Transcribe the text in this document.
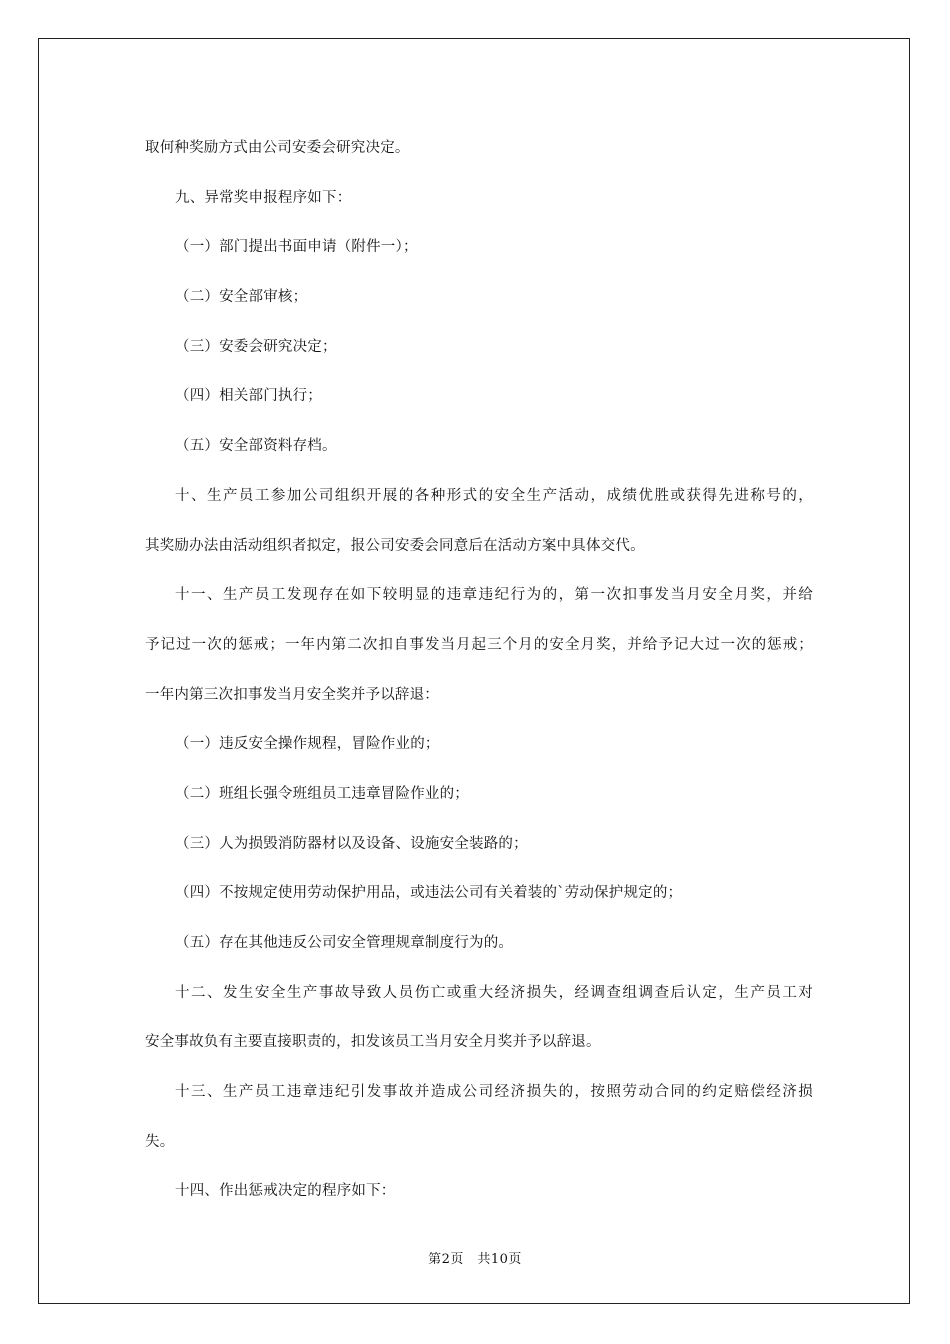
取何种奖励方式由公司安委会研究决定。
九、异常奖申报程序如下：
（一）部门提出书面申请（附件一）；
（二）安全部审核；
（三）安委会研究决定；
（四）相关部门执行；
（五）安全部资料存档。
十、生产员工参加公司组织开展的各种形式的安全生产活动，成绩优胜或获得先进称号的，
其奖励办法由活动组织者拟定，报公司安委会同意后在活动方案中具体交代。
十一、生产员工发现存在如下较明显的违章违纪行为的，第一次扣事发当月安全月奖，并给
予记过一次的惩戒；一年内第二次扣自事发当月起三个月的安全月奖，并给予记大过一次的惩戒；
一年内第三次扣事发当月安全奖并予以辞退：
（一）违反安全操作规程，冒险作业的；
（二）班组长强令班组员工违章冒险作业的；
（三）人为损毁消防器材以及设备、设施安全装路的；
（四）不按规定使用劳动保护用品，或违法公司有关着装的`劳动保护规定的；
（五）存在其他违反公司安全管理规章制度行为的。
十二、发生安全生产事故导致人员伤亡或重大经济损失，经调查组调查后认定，生产员工对
安全事故负有主要直接职责的，扣发该员工当月安全月奖并予以辞退。
十三、生产员工违章违纪引发事故并造成公司经济损失的，按照劳动合同的约定赔偿经济损
失。
十四、作出惩戒决定的程序如下：
第2页　共10页
